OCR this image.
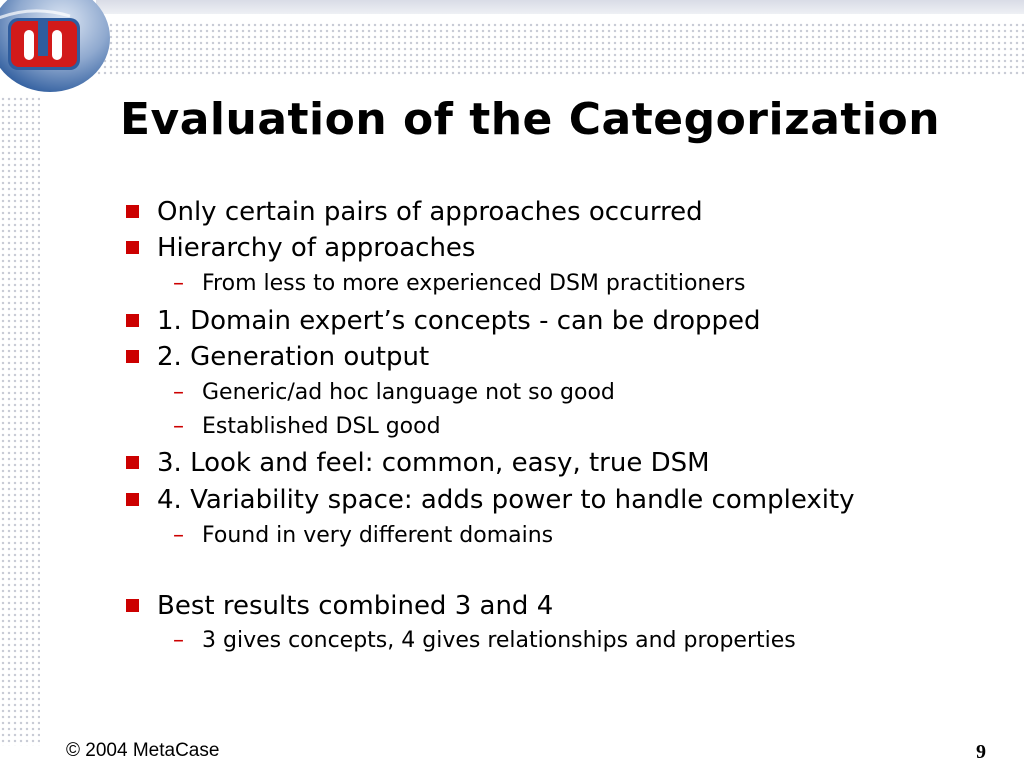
Evaluation of the Categorization
Only certain pairs of approaches occurred
Hierarchy of approaches
– From less to more experienced DSM practitioners
1. Domain expert’s concepts - can be dropped
2. Generation output
– Generic/ad hoc language not so good
– Established DSL good
3. Look and feel: common, easy, true DSM
4. Variability space: adds power to handle complexity
– Found in very different domains
Best results combined 3 and 4
– 3 gives concepts, 4 gives relationships and properties
© 2004 MetaCase	9
